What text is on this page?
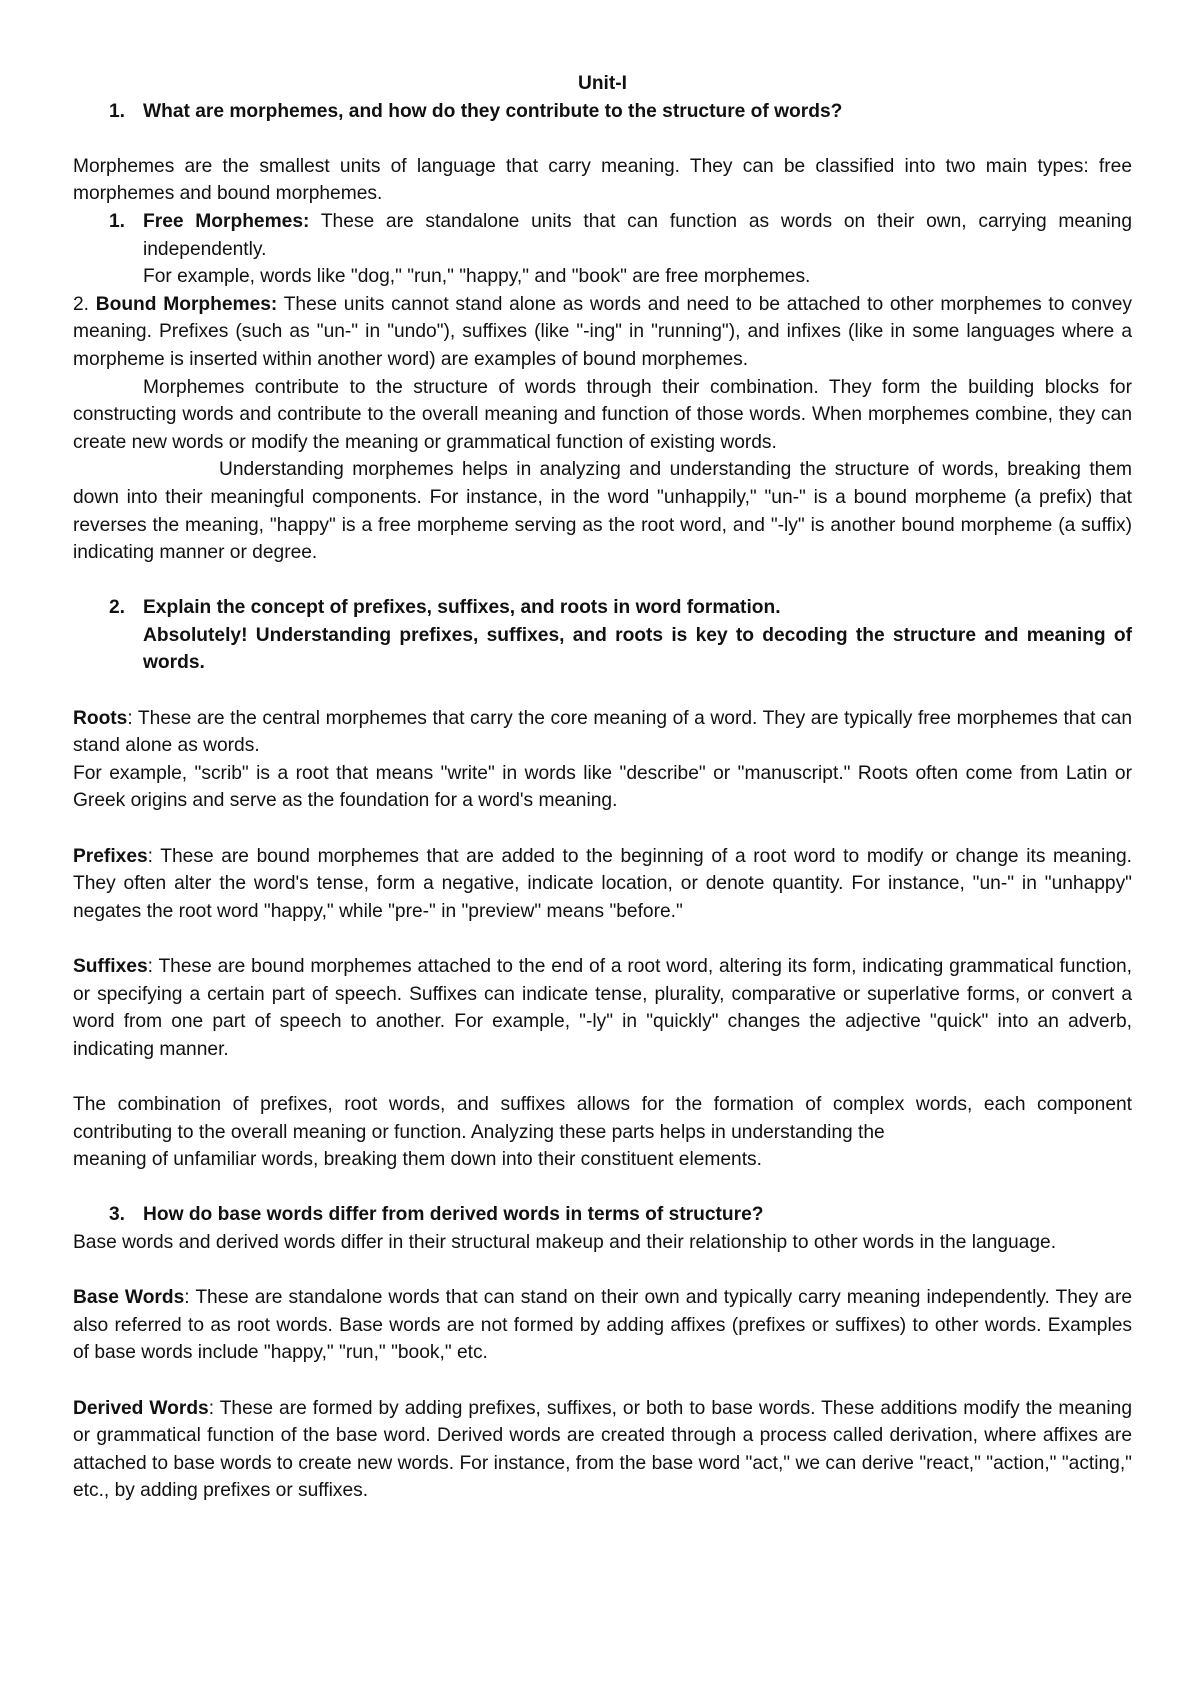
Unit-I
1. What are morphemes, and how do they contribute to the structure of words?

Morphemes are the smallest units of language that carry meaning. They can be classified into two main types: free morphemes and bound morphemes.

1. Free Morphemes: These are standalone units that can function as words on their own, carrying meaning independently.

For example, words like "dog," "run," "happy," and "book" are free morphemes.

2. Bound Morphemes: These units cannot stand alone as words and need to be attached to other morphemes to convey meaning. Prefixes (such as "un-" in "undo"), suffixes (like "-ing" in "running"), and infixes (like in some languages where a morpheme is inserted within another word) are examples of bound morphemes.

Morphemes contribute to the structure of words through their combination. They form the building blocks for constructing words and contribute to the overall meaning and function of those words. When morphemes combine, they can create new words or modify the meaning or grammatical function of existing words.

Understanding morphemes helps in analyzing and understanding the structure of words, breaking them down into their meaningful components. For instance, in the word "unhappily," "un-" is a bound morpheme (a prefix) that reverses the meaning, "happy" is a free morpheme serving as the root word, and "-ly" is another bound morpheme (a suffix) indicating manner or degree.

2. Explain the concept of prefixes, suffixes, and roots in word formation.

Absolutely! Understanding prefixes, suffixes, and roots is key to decoding the structure and meaning of words.

Roots: These are the central morphemes that carry the core meaning of a word. They are typically free morphemes that can stand alone as words.

For example, "scrib" is a root that means "write" in words like "describe" or "manuscript." Roots often come from Latin or Greek origins and serve as the foundation for a word's meaning.

Prefixes: These are bound morphemes that are added to the beginning of a root word to modify or change its meaning. They often alter the word's tense, form a negative, indicate location, or denote quantity. For instance, "un-" in "unhappy" negates the root word "happy," while "pre-" in "preview" means "before."

Suffixes: These are bound morphemes attached to the end of a root word, altering its form, indicating grammatical function, or specifying a certain part of speech. Suffixes can indicate tense, plurality, comparative or superlative forms, or convert a word from one part of speech to another. For example, "-ly" in "quickly" changes the adjective "quick" into an adverb, indicating manner.

The combination of prefixes, root words, and suffixes allows for the formation of complex words, each component contributing to the overall meaning or function. Analyzing these parts helps in understanding the

meaning of unfamiliar words, breaking them down into their constituent elements.

3. How do base words differ from derived words in terms of structure?

Base words and derived words differ in their structural makeup and their relationship to other words in the language.

Base Words: These are standalone words that can stand on their own and typically carry meaning independently. They are also referred to as root words. Base words are not formed by adding affixes (prefixes or suffixes) to other words. Examples of base words include "happy," "run," "book," etc.

Derived Words: These are formed by adding prefixes, suffixes, or both to base words. These additions modify the meaning or grammatical function of the base word. Derived words are created through a process called derivation, where affixes are attached to base words to create new words. For instance, from the base word "act," we can derive "react," "action," "acting," etc., by adding prefixes or suffixes.
